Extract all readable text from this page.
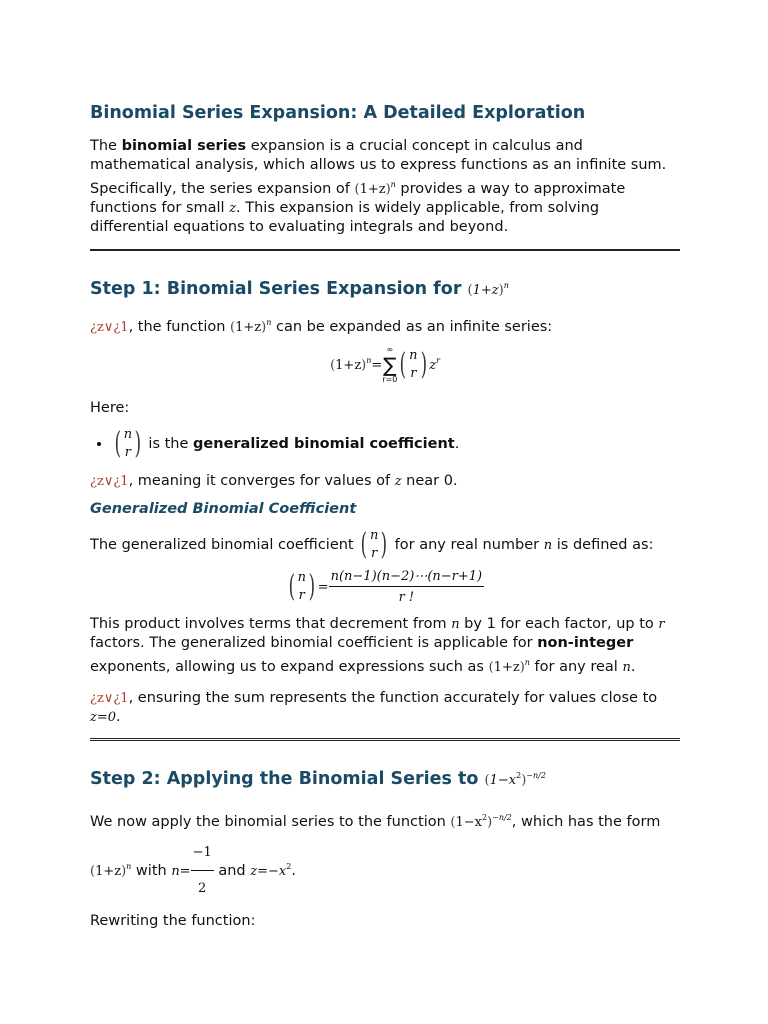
Binomial Series Expansion: A Detailed Exploration

The binomial series expansion is a crucial concept in calculus and mathematical analysis, which allows us to express functions as an infinite sum. Specifically, the series expansion of $(1+z)^n$ provides a way to approximate functions for small z. This expansion is widely applicable, from solving differential equations to evaluating integrals and beyond.

Step 1: Binomial Series Expansion for $(1+z)^n$

¿z∨¿1, the function $(1+z)^n$ can be expanded as an infinite series:

$(1+z)^n=$
∞
∑
r=0 ( n
r ) $z^r$

Here:

• ( n
r ) is the generalized binomial coefficient.

¿z∨¿1, meaning it converges for values of z near 0.

Generalized Binomial Coefficient

The generalized binomial coefficient ( n
r ) for any real number n is defined as:

( n
r ) = $\frac{n(n-1)(n-2)\cdots(n-r+1)}{r !}$

This product involves terms that decrement from n by 1 for each factor, up to r factors. The generalized binomial coefficient is applicable for non-integer exponents, allowing us to expand expressions such as $(1+z)^n$ for any real n.

¿z∨¿1, ensuring the sum represents the function accurately for values close to z=0.

Step 2: Applying the Binomial Series to $(1-x^2)^{-n/2}$

We now apply the binomial series to the function $(1-x^2)^{-n/2}$, which has the form $(1+z)^n$ with $n= \frac{-1}{2}$ and $z=-x^2$.

Rewriting the function:
